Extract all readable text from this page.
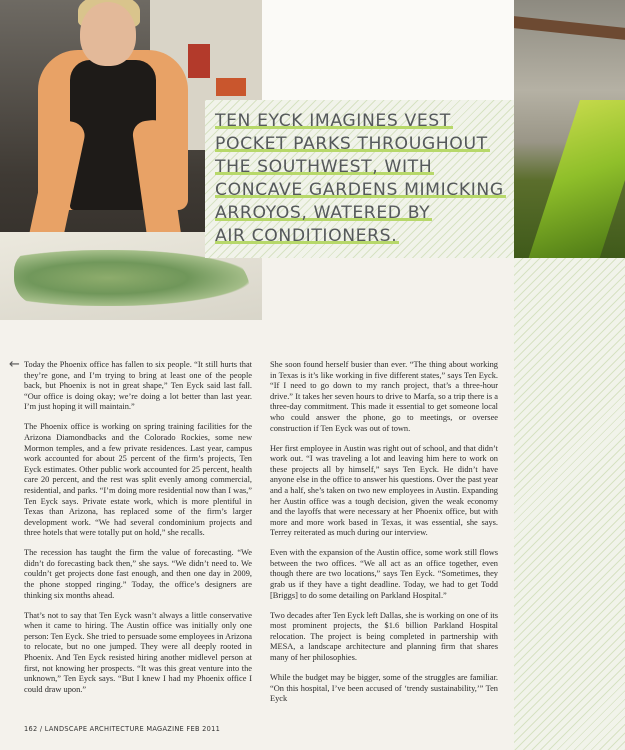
TEN EYCK IMAGINES VEST
POCKET PARKS THROUGHOUT
THE SOUTHWEST, WITH
CONCAVE GARDENS MIMICKING
ARROYOS, WATERED BY
AIR CONDITIONERS.
← Today the Phoenix office has fallen to six people. “It still hurts that they’re gone, and I’m trying to bring at least one of the people back, but Phoenix is not in great shape,” Ten Eyck said last fall. “Our office is doing okay; we’re doing a lot better than last year. I’m just hoping it will maintain.”

The Phoenix office is working on spring training facilities for the Arizona Diamondbacks and the Colorado Rockies, some new Mormon temples, and a few private residences. Last year, campus work accounted for about 25 percent of the firm’s projects, Ten Eyck estimates. Other public work accounted for 25 percent, health care 20 percent, and the rest was split evenly among commercial, residential, and parks. “I’m doing more residential now than I was,” Ten Eyck says. Private estate work, which is more plentiful in Texas than Arizona, has replaced some of the firm’s larger development work. “We had several condominium projects and three hotels that were totally put on hold,” she recalls.

The recession has taught the firm the value of forecasting. “We didn’t do forecasting back then,” she says. “We didn’t need to. We couldn’t get projects done fast enough, and then one day in 2009, the phone stopped ringing.” Today, the office’s designers are thinking six months ahead.

That’s not to say that Ten Eyck wasn’t always a little conservative when it came to hiring. The Austin office was initially only one person: Ten Eyck. She tried to persuade some employees in Arizona to relocate, but no one jumped. They were all deeply rooted in Phoenix. And Ten Eyck resisted hiring another midlevel person at first, not knowing her prospects. “It was this great venture into the unknown,” Ten Eyck says. “But I knew I had my Phoenix office I could draw upon.”

She soon found herself busier than ever. “The thing about working in Texas is it’s like working in five different states,” says Ten Eyck. “If I need to go down to my ranch project, that’s a three-hour drive.” It takes her seven hours to drive to Marfa, so a trip there is a three-day commitment. This made it essential to get someone local who could answer the phone, go to meetings, or oversee construction if Ten Eyck was out of town.

Her first employee in Austin was right out of school, and that didn’t work out. “I was traveling a lot and leaving him here to work on these projects all by himself,” says Ten Eyck. He didn’t have anyone else in the office to answer his questions. Over the past year and a half, she’s taken on two new employees in Austin. Expanding her Austin office was a tough decision, given the weak economy and the layoffs that were necessary at her Phoenix office, but with more and more work based in Texas, it was essential, she says. Terrey reiterated as much during our interview.

Even with the expansion of the Austin office, some work still flows between the two offices. “We all act as an office together, even though there are two locations,” says Ten Eyck. “Sometimes, they grab us if they have a tight deadline. Today, we had to get Todd [Briggs] to do some detailing on Parkland Hospital.”

Two decades after Ten Eyck left Dallas, she is working on one of its most prominent projects, the $1.6 billion Parkland Hospital relocation. The project is being completed in partnership with MESA, a landscape architecture and planning firm that shares many of her philosophies.

While the budget may be bigger, some of the struggles are familiar. “On this hospital, I’ve been accused of ‘trendy sustainability,’” Ten Eyck

162 / LANDSCAPE ARCHITECTURE MAGAZINE FEB 2011
